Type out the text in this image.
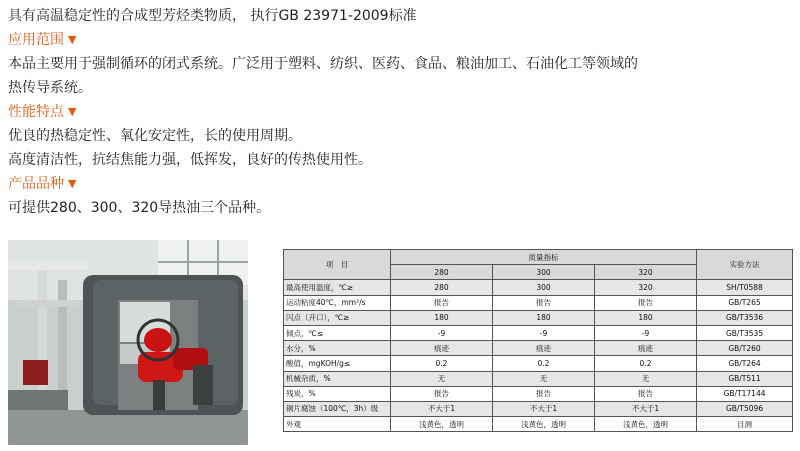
具有高温稳定性的合成型芳烃类物质， 执行GB 23971-2009标准
应用范围 ▼
本品主要用于强制循环的闭式系统。广泛用于塑料、纺织、医药、食品、粮油加工、石油化工等领域的
热传导系统。
性能特点 ▼
优良的热稳定性、氧化安定性，长的使用周期。
高度清洁性，抗结焦能力强，低挥发，良好的传热使用性。
产品品种 ▼
可提供280、300、320导热油三个品种。
项　目	质量指标			实验方法
	280	300	320	
最高使用温度，℃≥	280	300	320	SH/T0588
运动粘度40℃，mm²/s	报告	报告	报告	GB/T265
闪点（开口），℃≥	180	180	180	GB/T3536
倾点，℃≤	-9	-9	-9	GB/T3535
水分，%	痕迹	痕迹	痕迹	GB/T260
酸值，mgKOH/g≤	0.2	0.2	0.2	GB/T264
机械杂质，%	无	无	无	GB/T511
残炭，%	报告	报告	报告	GB/T17144
铜片腐蚀（100℃，3h）级	不大于1	不大于1	不大于1	GB/T5096
外观	浅黄色，透明	浅黄色，透明	浅黄色，透明	目测
